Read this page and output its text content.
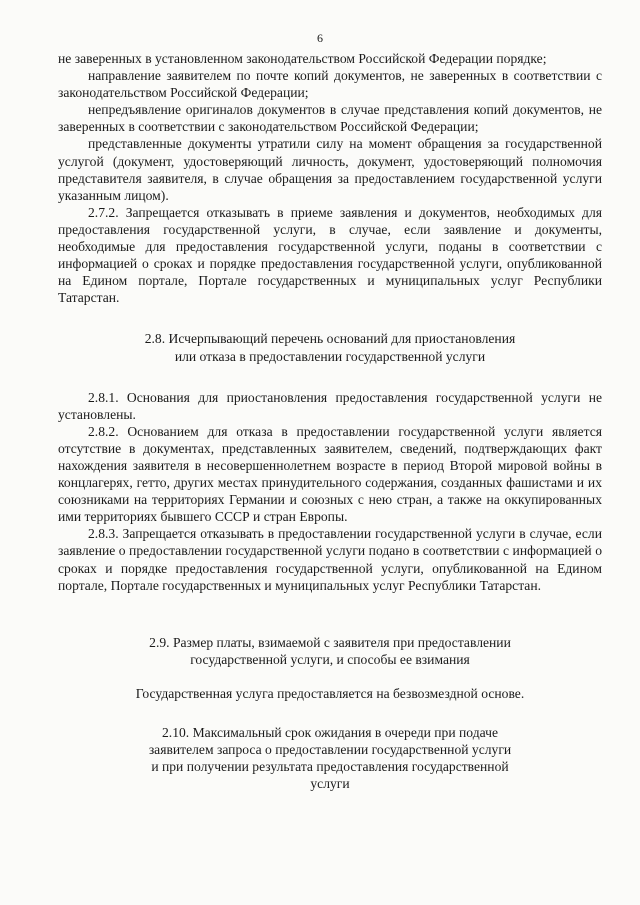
6

не заверенных в установленном законодательством Российской Федерации порядке;

направление заявителем по почте копий документов, не заверенных в соответствии с законодательством Российской Федерации;

непредъявление оригиналов документов в случае представления копий документов, не заверенных в соответствии с законодательством Российской Федерации;

представленные документы утратили силу на момент обращения за государственной услугой (документ, удостоверяющий личность, документ, удостоверяющий полномочия представителя заявителя, в случае обращения за предоставлением государственной услуги указанным лицом).

2.7.2. Запрещается отказывать в приеме заявления и документов, необходимых для предоставления государственной услуги, в случае, если заявление и документы, необходимые для предоставления государственной услуги, поданы в соответствии с информацией о сроках и порядке предоставления государственной услуги, опубликованной на Едином портале, Портале государственных и муниципальных услуг Республики Татарстан.

2.8. Исчерпывающий перечень оснований для приостановления

или отказа в предоставлении государственной услуги

2.8.1. Основания для приостановления предоставления государственной услуги не установлены.

2.8.2. Основанием для отказа в предоставлении государственной услуги является отсутствие в документах, представленных заявителем, сведений, подтверждающих факт нахождения заявителя в несовершеннолетнем возрасте в период Второй мировой войны в концлагерях, гетто, других местах принудительного содержания, созданных фашистами и их союзниками на территориях Германии и союзных с нею стран, а также на оккупированных ими территориях бывшего СССР и стран Европы.

2.8.3. Запрещается отказывать в предоставлении государственной услуги в случае, если заявление о предоставлении государственной услуги подано в соответствии с информацией о сроках и порядке предоставления государственной услуги, опубликованной на Едином портале, Портале государственных и муниципальных услуг Республики Татарстан.

2.9. Размер платы, взимаемой с заявителя при предоставлении

государственной услуги, и способы ее взимания

Государственная услуга предоставляется на безвозмездной основе.

2.10. Максимальный срок ожидания в очереди при подаче

заявителем запроса о предоставлении государственной услуги

и при получении результата предоставления государственной

услуги
